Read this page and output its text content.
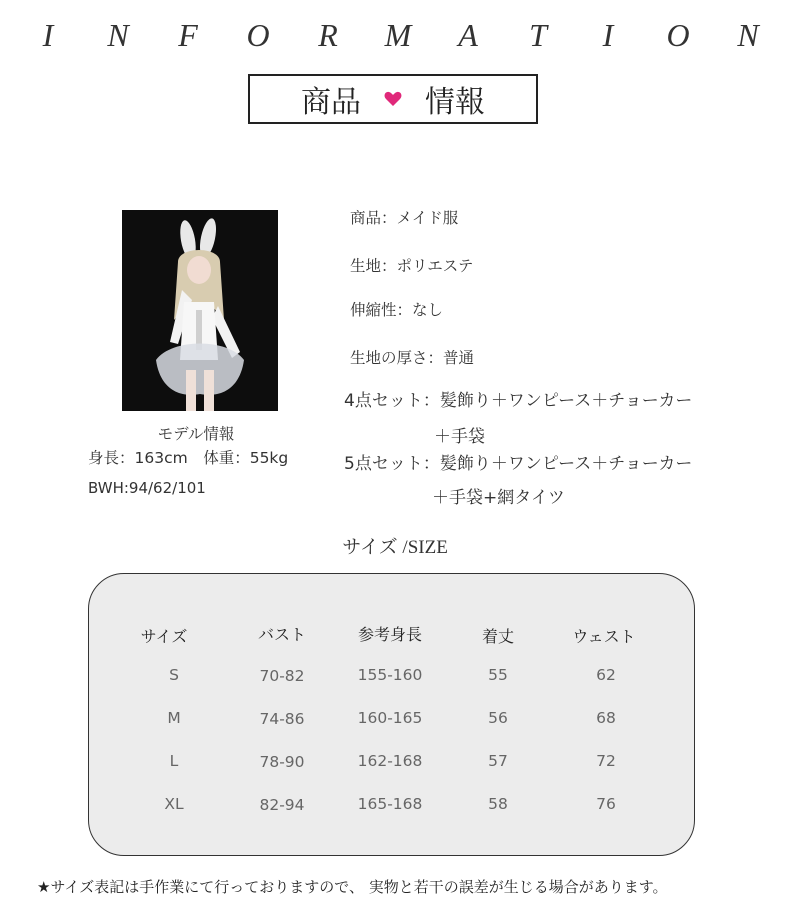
I	N	F	O	R	M	A	T	I	O N
商品 情報
モデル情報
身長：163cm　体重：55kg
BWH:94/62/101
商品：メイド服
生地：ポリエステ
伸縮性：なし
生地の厚さ：普通
4点セット：髪飾り＋ワンピース＋チョーカー
＋手袋
5点セット：髪飾り＋ワンピース＋チョーカー
＋手袋+網タイツ
サイズ /SIZE
サイズ	バスト	参考身長	着丈	ウェスト
S	70-82	155-160	55	62
M	74-86	160-165	56	68
L	78-90	162-168	57	72
XL	82-94	165-168	58	76
★サイズ表記は手作業にて行っておりますので、 実物と若干の誤差が生じる場合があります。
